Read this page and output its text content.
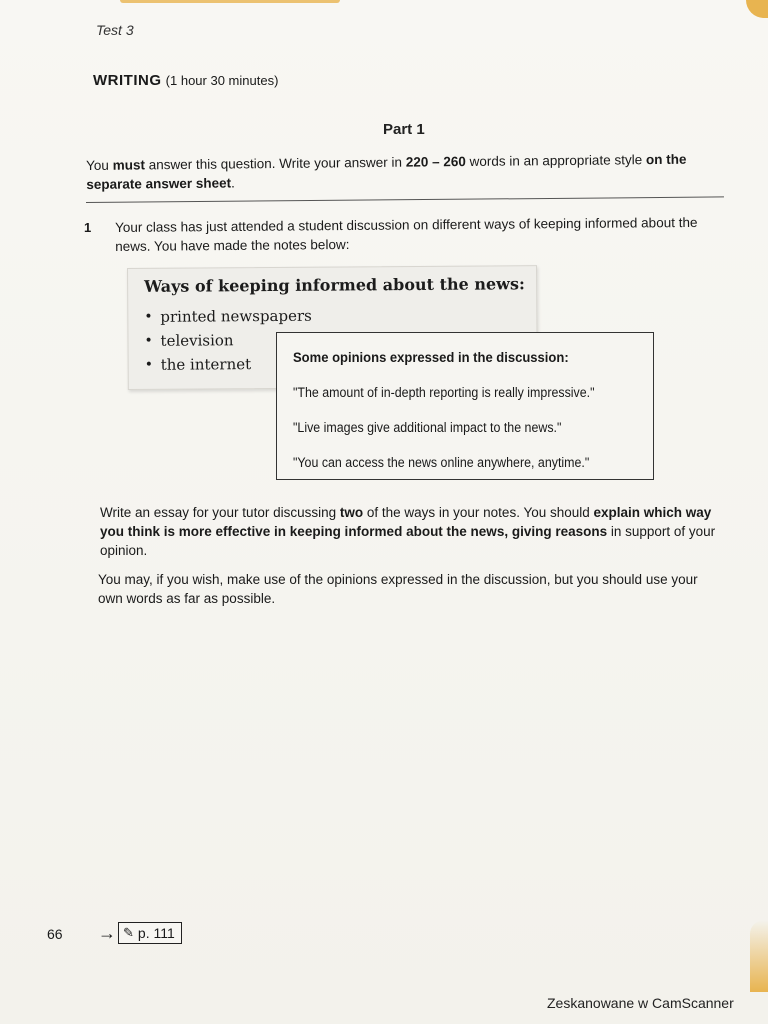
Test 3
WRITING (1 hour 30 minutes)
Part 1
You must answer this question. Write your answer in 220 – 260 words in an appropriate style on the separate answer sheet.
1 Your class has just attended a student discussion on different ways of keeping informed about the news. You have made the notes below:
Ways of keeping informed about the news:
• printed newspapers
• television
• the internet	Some opinions expressed in the discussion:
"The amount of in-depth reporting is really impressive."
"Live images give additional impact to the news."
"You can access the news online anywhere, anytime."
Write an essay for your tutor discussing two of the ways in your notes. You should explain which way you think is more effective in keeping informed about the news, giving reasons in support of your opinion.
You may, if you wish, make use of the opinions expressed in the discussion, but you should use your own words as far as possible.
66 → ✎ p. 111
Zeskanowane w CamScanner
